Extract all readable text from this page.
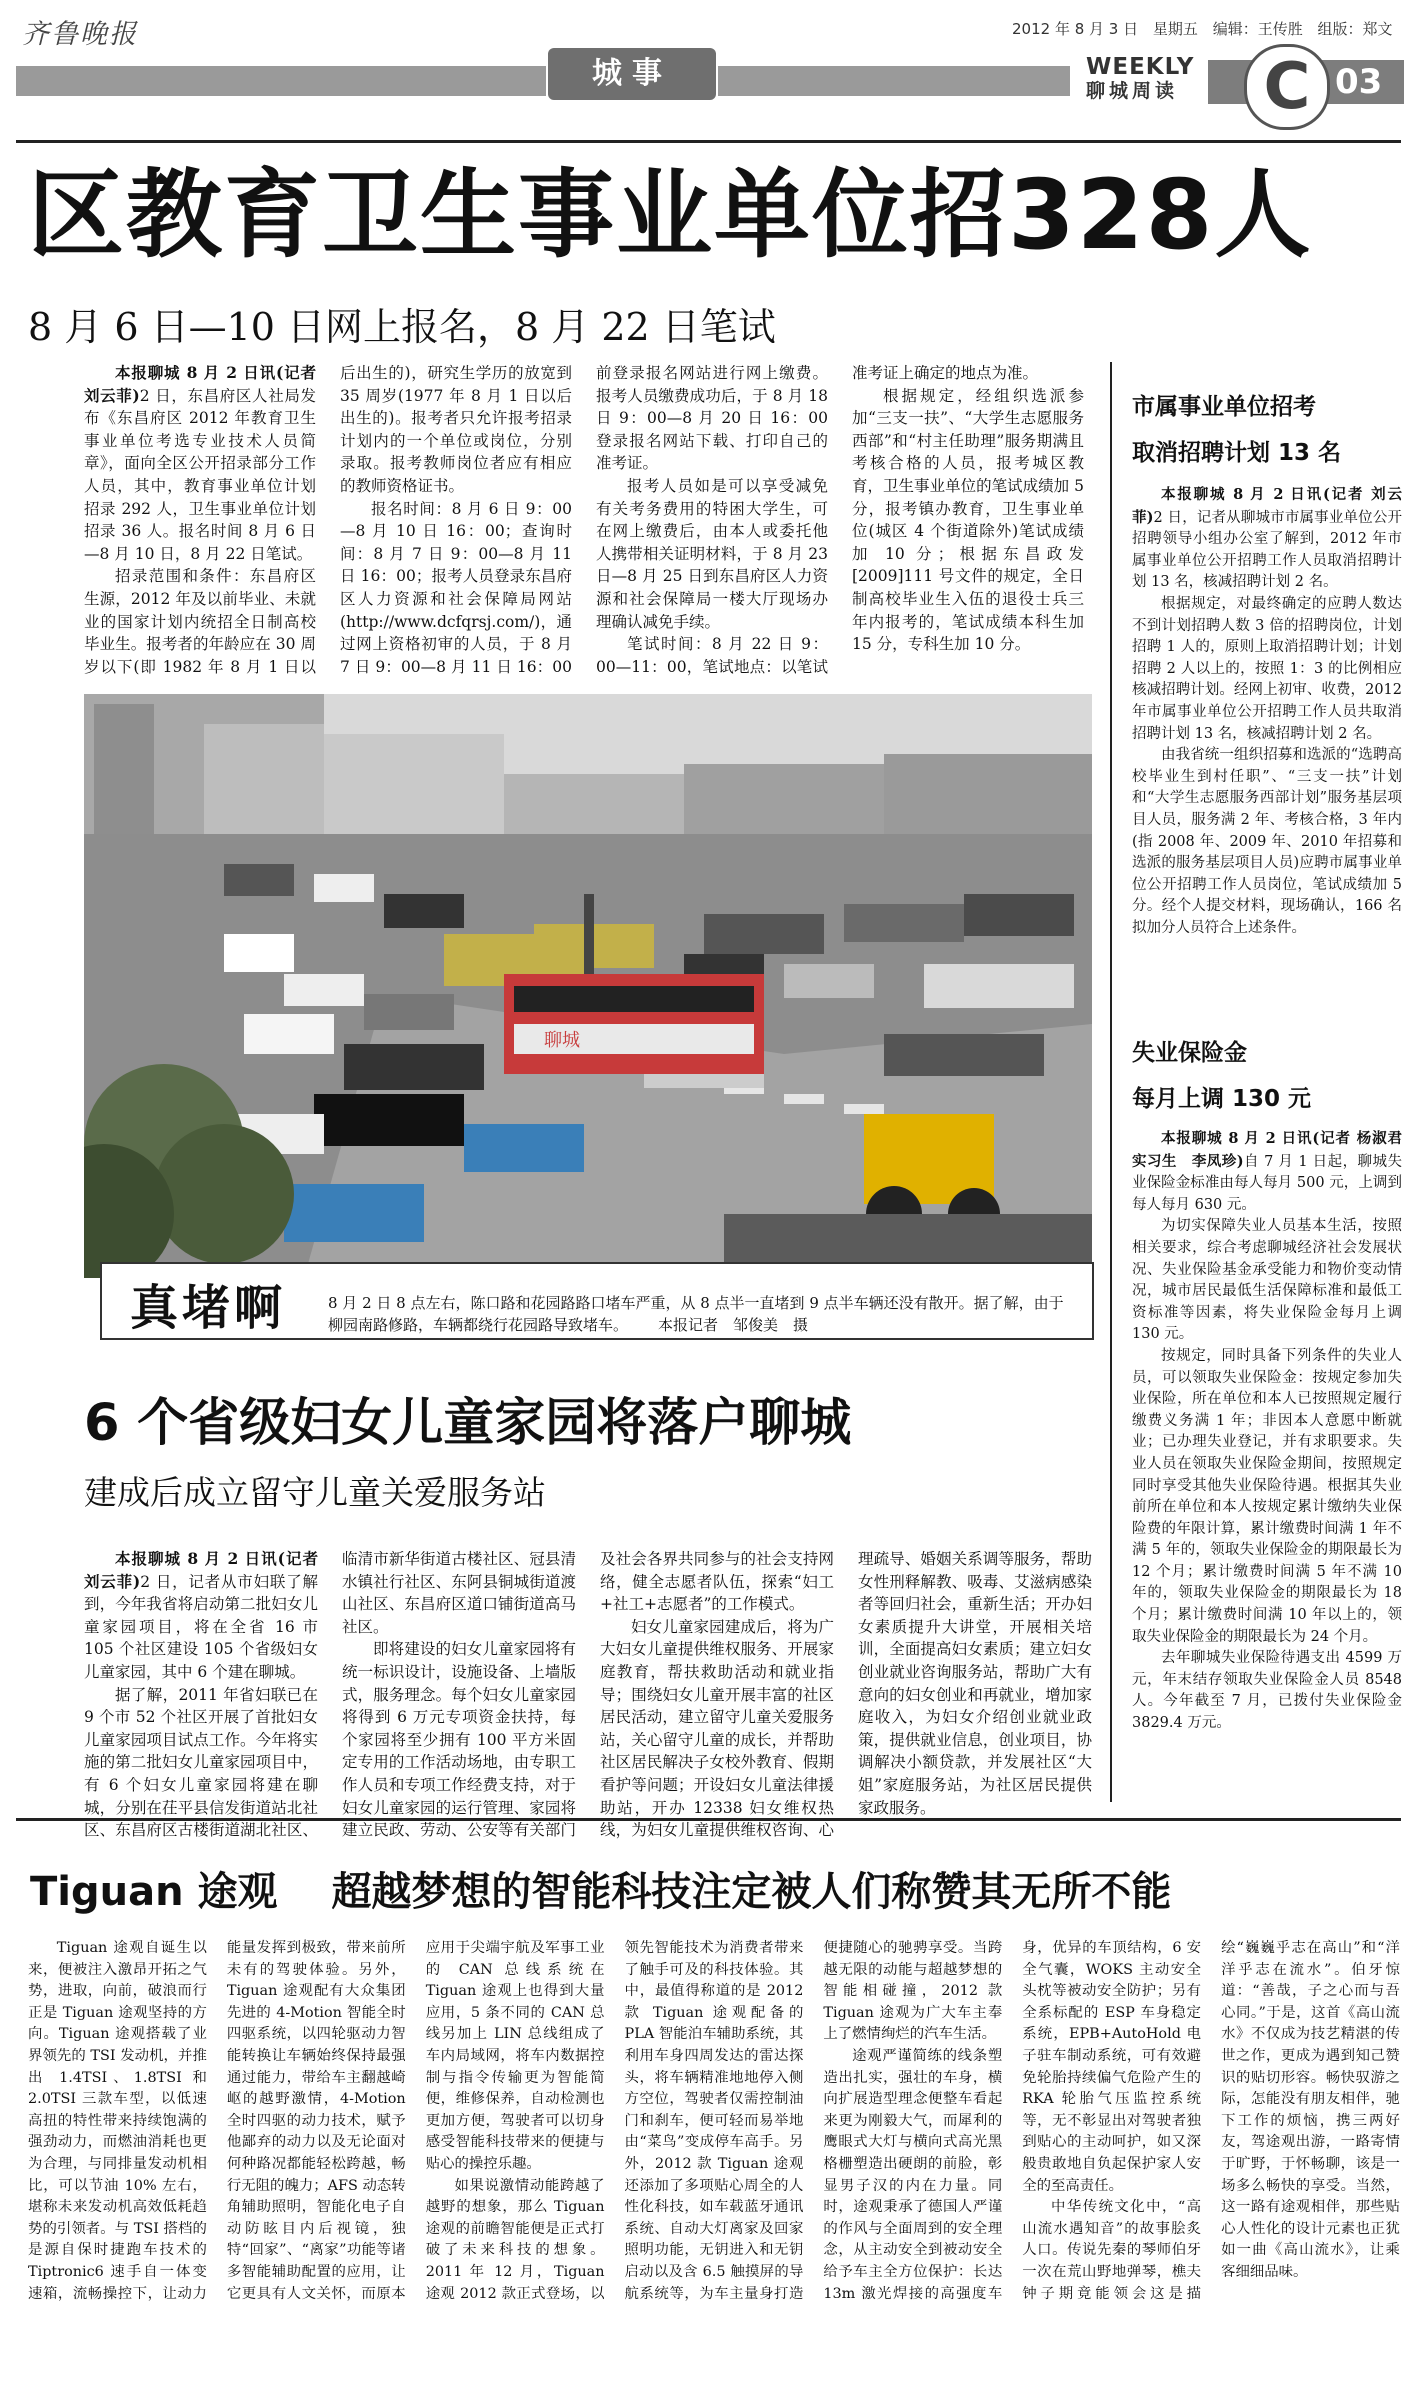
齐鲁晚报	2012 年 8 月 3 日 星期五 编辑：王传胜 组版：郑文
城事	WEEKLY
聊城周读	C 03
区教育卫生事业单位招328人
8 月 6 日—10 日网上报名，8 月 22 日笔试

本报聊城 8 月 2 日讯(记者 刘云菲)2 日，东昌府区人社局发布《东昌府区 2012 年教育卫生事业单位考选专业技术人员简章》，面向全区公开招录部分工作人员，其中，教育事业单位计划招录 292 人，卫生事业单位计划招录 36 人。报名时间 8 月 6 日—8 月 10 日，8 月 22 日笔试。

招录范围和条件：东昌府区生源，2012 年及以前毕业、未就业的国家计划内统招全日制高校毕业生。报考者的年龄应在 30 周岁以下(即 1982 年 8 月 1 日以后出生的)，研究生学历的放宽到 35 周岁(1977 年 8 月 1 日以后出生的)。报考者只允许报考招录计划内的一个单位或岗位，分别录取。报考教师岗位者应有相应的教师资格证书。

报名时间：8 月 6 日 9：00—8 月 10 日 16：00；查询时间：8 月 7 日 9：00—8 月 11 日 16：00；报考人员登录东昌府区人力资源和社会保障局网站(http://www.dcfqrsj.com/)，通过网上资格初审的人员，于 8 月 7 日 9：00—8 月 11 日 16：00 前登录报名网站进行网上缴费。报考人员缴费成功后，于 8 月 18 日 9：00—8 月 20 日 16：00 登录报名网站下载、打印自己的准考证。

报考人员如是可以享受减免有关考务费用的特困大学生，可在网上缴费后，由本人或委托他人携带相关证明材料，于 8 月 23 日—8 月 25 日到东昌府区人力资源和社会保障局一楼大厅现场办理确认减免手续。

笔试时间：8 月 22 日 9：00—11：00，笔试地点：以笔试准考证上确定的地点为准。

根据规定，经组织选派参加“三支一扶”、“大学生志愿服务西部”和“村主任助理”服务期满且考核合格的人员，报考城区教育，卫生事业单位的笔试成绩加 5 分，报考镇办教育，卫生事业单位(城区 4 个街道除外)笔试成绩加 10 分；根据东昌政发[2009]111 号文件的规定，全日制高校毕业生入伍的退役士兵三年内报考的，笔试成绩本科生加 15 分，专科生加 10 分。

聊城
真堵啊	8 月 2 日 8 点左右，陈口路和花园路路口堵车严重，从 8 点半一直堵到 9 点半车辆还没有散开。据了解，由于柳园南路修路，车辆都绕行花园路导致堵车。 本报记者　邹俊美　摄
市属事业单位招考
取消招聘计划 13 名

本报聊城 8 月 2 日讯(记者 刘云菲)2 日，记者从聊城市市属事业单位公开招聘领导小组办公室了解到，2012 年市属事业单位公开招聘工作人员取消招聘计划 13 名，核减招聘计划 2 名。

根据规定，对最终确定的应聘人数达不到计划招聘人数 3 倍的招聘岗位，计划招聘 1 人的，原则上取消招聘计划；计划招聘 2 人以上的，按照 1：3 的比例相应核减招聘计划。经网上初审、收费，2012 年市属事业单位公开招聘工作人员共取消招聘计划 13 名，核减招聘计划 2 名。

由我省统一组织招募和选派的“选聘高校毕业生到村任职”、“三支一扶”计划和“大学生志愿服务西部计划”服务基层项目人员，服务满 2 年、考核合格，3 年内(指 2008 年、2009 年、2010 年招募和选派的服务基层项目人员)应聘市属事业单位公开招聘工作人员岗位，笔试成绩加 5 分。经个人提交材料，现场确认，166 名拟加分人员符合上述条件。

失业保险金
每月上调 130 元

本报聊城 8 月 2 日讯(记者 杨淑君　实习生　李凤珍)自 7 月 1 日起，聊城失业保险金标准由每人每月 500 元，上调到每人每月 630 元。

为切实保障失业人员基本生活，按照相关要求，综合考虑聊城经济社会发展状况、失业保险基金承受能力和物价变动情况，城市居民最低生活保障标准和最低工资标准等因素，将失业保险金每月上调 130 元。

按规定，同时具备下列条件的失业人员，可以领取失业保险金：按规定参加失业保险，所在单位和本人已按照规定履行缴费义务满 1 年；非因本人意愿中断就业；已办理失业登记，并有求职要求。失业人员在领取失业保险金期间，按照规定同时享受其他失业保险待遇。根据其失业前所在单位和本人按规定累计缴纳失业保险费的年限计算，累计缴费时间满 1 年不满 5 年的，领取失业保险金的期限最长为 12 个月；累计缴费时间满 5 年不满 10 年的，领取失业保险金的期限最长为 18 个月；累计缴费时间满 10 年以上的，领取失业保险金的期限最长为 24 个月。

去年聊城失业保险待遇支出 4599 万元，年末结存领取失业保险金人员 8548 人。今年截至 7 月，已拨付失业保险金 3829.4 万元。

6 个省级妇女儿童家园将落户聊城
建成后成立留守儿童关爱服务站

本报聊城 8 月 2 日讯(记者 刘云菲)2 日，记者从市妇联了解到，今年我省将启动第二批妇女儿童家园项目，将在全省 16 市 105 个社区建设 105 个省级妇女儿童家园，其中 6 个建在聊城。

据了解，2011 年省妇联已在 9 个市 52 个社区开展了首批妇女儿童家园项目试点工作。今年将实施的第二批妇女儿童家园项目中，有 6 个妇女儿童家园将建在聊城，分别在茌平县信发街道站北社区、东昌府区古楼街道湖北社区、临清市新华街道古楼社区、冠县清水镇社行社区、东阿县铜城街道渡山社区、东昌府区道口铺街道高马社区。

即将建设的妇女儿童家园将有统一标识设计，设施设备、上墙版式，服务理念。每个妇女儿童家园将得到 6 万元专项资金扶持，每个家园将至少拥有 100 平方米固定专用的工作活动场地，由专职工作人员和专项工作经费支持，对于妇女儿童家园的运行管理、家园将建立民政、劳动、公安等有关部门及社会各界共同参与的社会支持网络，健全志愿者队伍，探索“妇工+社工+志愿者”的工作模式。

妇女儿童家园建成后，将为广大妇女儿童提供维权服务、开展家庭教育，帮扶救助活动和就业指导；围绕妇女儿童开展丰富的社区居民活动，建立留守儿童关爱服务站，关心留守儿童的成长，并帮助社区居民解决子女校外教育、假期看护等问题；开设妇女儿童法律援助站，开办 12338 妇女维权热线，为妇女儿童提供维权咨询、心理疏导、婚姻关系调等服务，帮助女性刑释解教、吸毒、艾滋病感染者等回归社会，重新生活；开办妇女素质提升大讲堂，开展相关培训，全面提高妇女素质；建立妇女创业就业咨询服务站，帮助广大有意向的妇女创业和再就业，增加家庭收入，为妇女介绍创业就业政策，提供就业信息，创业项目，协调解决小额贷款，并发展社区“大姐”家庭服务站，为社区居民提供家政服务。

Tiguan 途观 超越梦想的智能科技注定被人们称赞其无所不能

Tiguan 途观自诞生以来，便被注入激昂开拓之气势，进取，向前，破浪而行正是 Tiguan 途观坚持的方向。Tiguan 途观搭载了业界领先的 TSI 发动机，并推出 1.4TSI、1.8TSI 和 2.0TSI 三款车型，以低速高扭的特性带来持续饱满的强劲动力，而燃油消耗也更为合理，与同排量发动机相比，可以节油 10% 左右，堪称未来发动机高效低耗趋势的引领者。与 TSI 搭档的是源自保时捷跑车技术的 Tiptronic6 速手自一体变速箱，流畅操控下，让动力能量发挥到极致，带来前所未有的驾驶体验。另外，Tiguan 途观配有大众集团先进的 4-Motion 智能全时四驱系统，以四轮驱动力智能转换让车辆始终保持最强通过能力，带给车主翻越崎岖的越野激情，4-Motion 全时四驱的动力技术，赋予他鄙弃的动力以及无论面对何种路况都能轻松跨越，畅行无阻的魄力；AFS 动态转角辅助照明，智能化电子自动防眩目内后视镜，独特“回家”、“离家”功能等诸多智能辅助配置的应用，让它更具有人文关怀，而原本应用于尖端宇航及军事工业的 CAN 总线系统在 Tiguan 途观上也得到大量应用，5 条不同的 CAN 总线另加上 LIN 总线组成了车内局域网，将车内数据控制与指令传输更为智能简便，维修保养，自动检测也更加方便，驾驶者可以切身感受智能科技带来的便捷与贴心的操控乐趣。

如果说激情动能跨越了越野的想象，那么 Tiguan 途观的前瞻智能便是正式打破了未来科技的想象。2011 年 12 月，Tiguan 途观 2012 款正式登场，以领先智能技术为消费者带来了触手可及的科技体验。其中，最值得称道的是 2012 款 Tiguan 途观配备的 PLA 智能泊车辅助系统，其利用车身四周发达的雷达探头，将车辆精准地地停入侧方空位，驾驶者仅需控制油门和刹车，便可轻而易举地由“菜鸟”变成停车高手。另外，2012 款 Tiguan 途观还添加了多项贴心周全的人性化科技，如车载蓝牙通讯系统、自动大灯离家及回家照明功能，无钥进入和无钥启动以及含 6.5 触摸屏的导航系统等，为车主量身打造便捷随心的驰骋享受。当跨越无限的动能与超越梦想的智能相碰撞，2012 款 Tiguan 途观为广大车主奉上了燃情绚烂的汽车生活。

途观严谨简练的线条塑造出扎实，强壮的车身，横向扩展造型理念便整车看起来更为刚毅大气，而犀利的鹰眼式大灯与横向式高光黑格栅塑造出硬朗的前脸，彰显男子汉的内在力量。同时，途观秉承了德国人严谨的作风与全面周到的安全理念，从主动安全到被动安全给予车主全方位保护：长达 13m 激光焊接的高强度车身，优异的车顶结构，6 安全气囊，WOKS 主动安全头枕等被动安全防护；另有全系标配的 ESP 车身稳定系统，EPB+AutoHold 电子驻车制动系统，可有效避免轮胎持续偏气危险产生的 RKA 轮胎气压监控系统等，无不彰显出对驾驶者独到贴心的主动呵护，如又深般贵敢地自负起保护家人安全的至高责任。

中华传统文化中，“高山流水遇知音”的故事脍炙人口。传说先秦的琴师伯牙一次在荒山野地弹琴，樵夫钟子期竟能领会这是描绘“巍巍乎志在高山”和“洋洋乎志在流水”。伯牙惊道：“善哉，子之心而与吾心同。”于是，这首《高山流水》不仅成为技艺精湛的传世之作，更成为遇到知己赞识的贴切形容。畅快驭游之际，怎能没有朋友相伴，驰下工作的烦恼，携三两好友，驾途观出游，一路寄情于旷野，于怀畅聊，该是一场多么畅快的享受。当然，这一路有途观相伴，那些贴心人性化的设计元素也正犹如一曲《高山流水》，让乘客细细品味。
